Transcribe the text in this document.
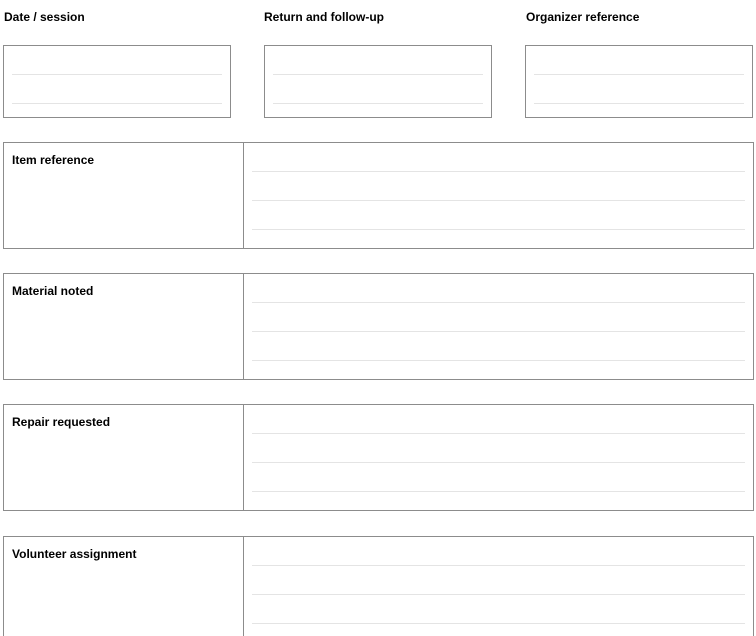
Date / session	Return and follow-up	Organizer reference
Item reference
Material noted
Repair requested
Volunteer assignment
